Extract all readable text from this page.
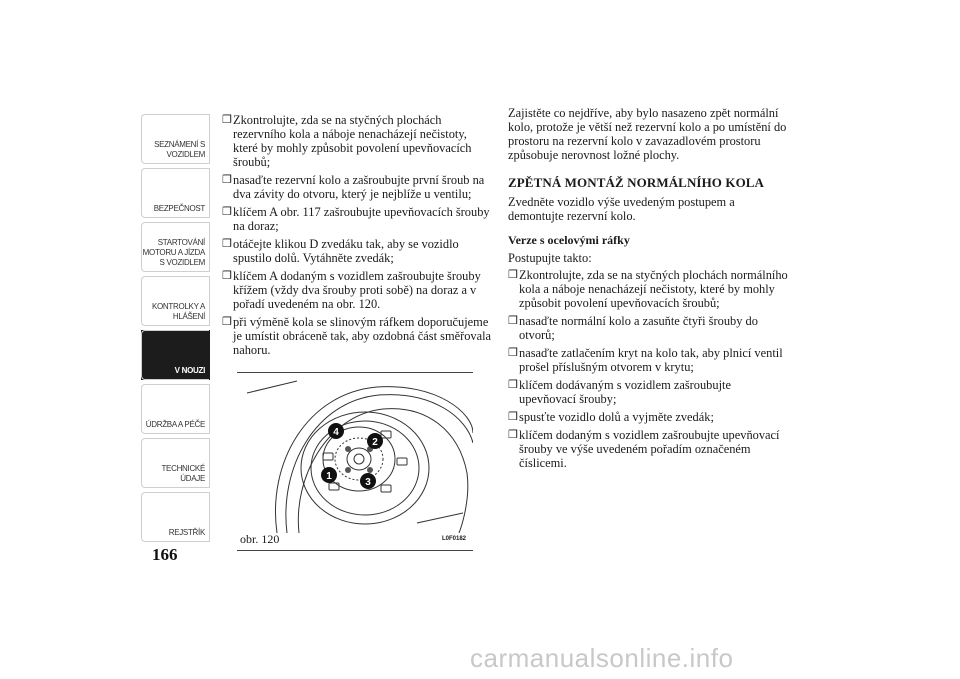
SEZNÁMENÍ S
VOZIDLEM
BEZPEČNOST
STARTOVÁNÍ
MOTORU A JÍZDA
S VOZIDLEM
KONTROLKY A
HLÁŠENÍ
V NOUZI
ÚDRŽBA A PÉČE
TECHNICKÉ
ÚDAJE
REJSTŘÍK
166
❒ Zkontrolujte, zda se na styčných plochách rezervního kola a náboje nenacházejí nečistoty, které by mohly způsobit povolení upevňovacích šroubů;
❒ nasaďte rezervní kolo a zašroubujte první šroub na dva závity do otvoru, který je nejblíže u ventilu;
❒ klíčem A obr. 117 zašroubujte upevňovacích šrouby na doraz;
❒ otáčejte klikou D zvedáku tak, aby se vozidlo spustilo dolů. Vytáhněte zvedák;
❒ klíčem A dodaným s vozidlem zašroubujte šrouby křížem (vždy dva šrouby proti sobě) na doraz a v pořadí uvedeném na obr. 120.
❒ při výměně kola se slinovým ráfkem doporučujeme je umístit obráceně tak, aby ozdobná část směřovala nahoru.
4
2
1
3
obr. 120	L0F0182

Zajistěte co nejdříve, aby bylo nasazeno zpět normální kolo, protože je větší než rezervní kolo a po umístění do prostoru na rezervní kolo v zavazadlovém prostoru způsobuje nerovnost ložné plochy.

ZPĚTNÁ MONTÁŽ NORMÁLNÍHO KOLA

Zvedněte vozidlo výše uvedeným postupem a demontujte rezervní kolo.

Verze s ocelovými ráfky

Postupujte takto:

❒ Zkontrolujte, zda se na styčných plochách normálního kola a náboje nenacházejí nečistoty, které by mohly způsobit povolení upevňovacích šroubů;
❒ nasaďte normální kolo a zasuňte čtyři šrouby do otvorů;
❒ nasaďte zatlačením kryt na kolo tak, aby plnicí ventil prošel příslušným otvorem v krytu;
❒ klíčem dodávaným s vozidlem zašroubujte upevňovací šrouby;
❒ spusťte vozidlo dolů a vyjměte zvedák;
❒ klíčem dodaným s vozidlem zašroubujte upevňovací šrouby ve výše uvedeném pořadím označeném číslicemi.
carmanualsonline.info
